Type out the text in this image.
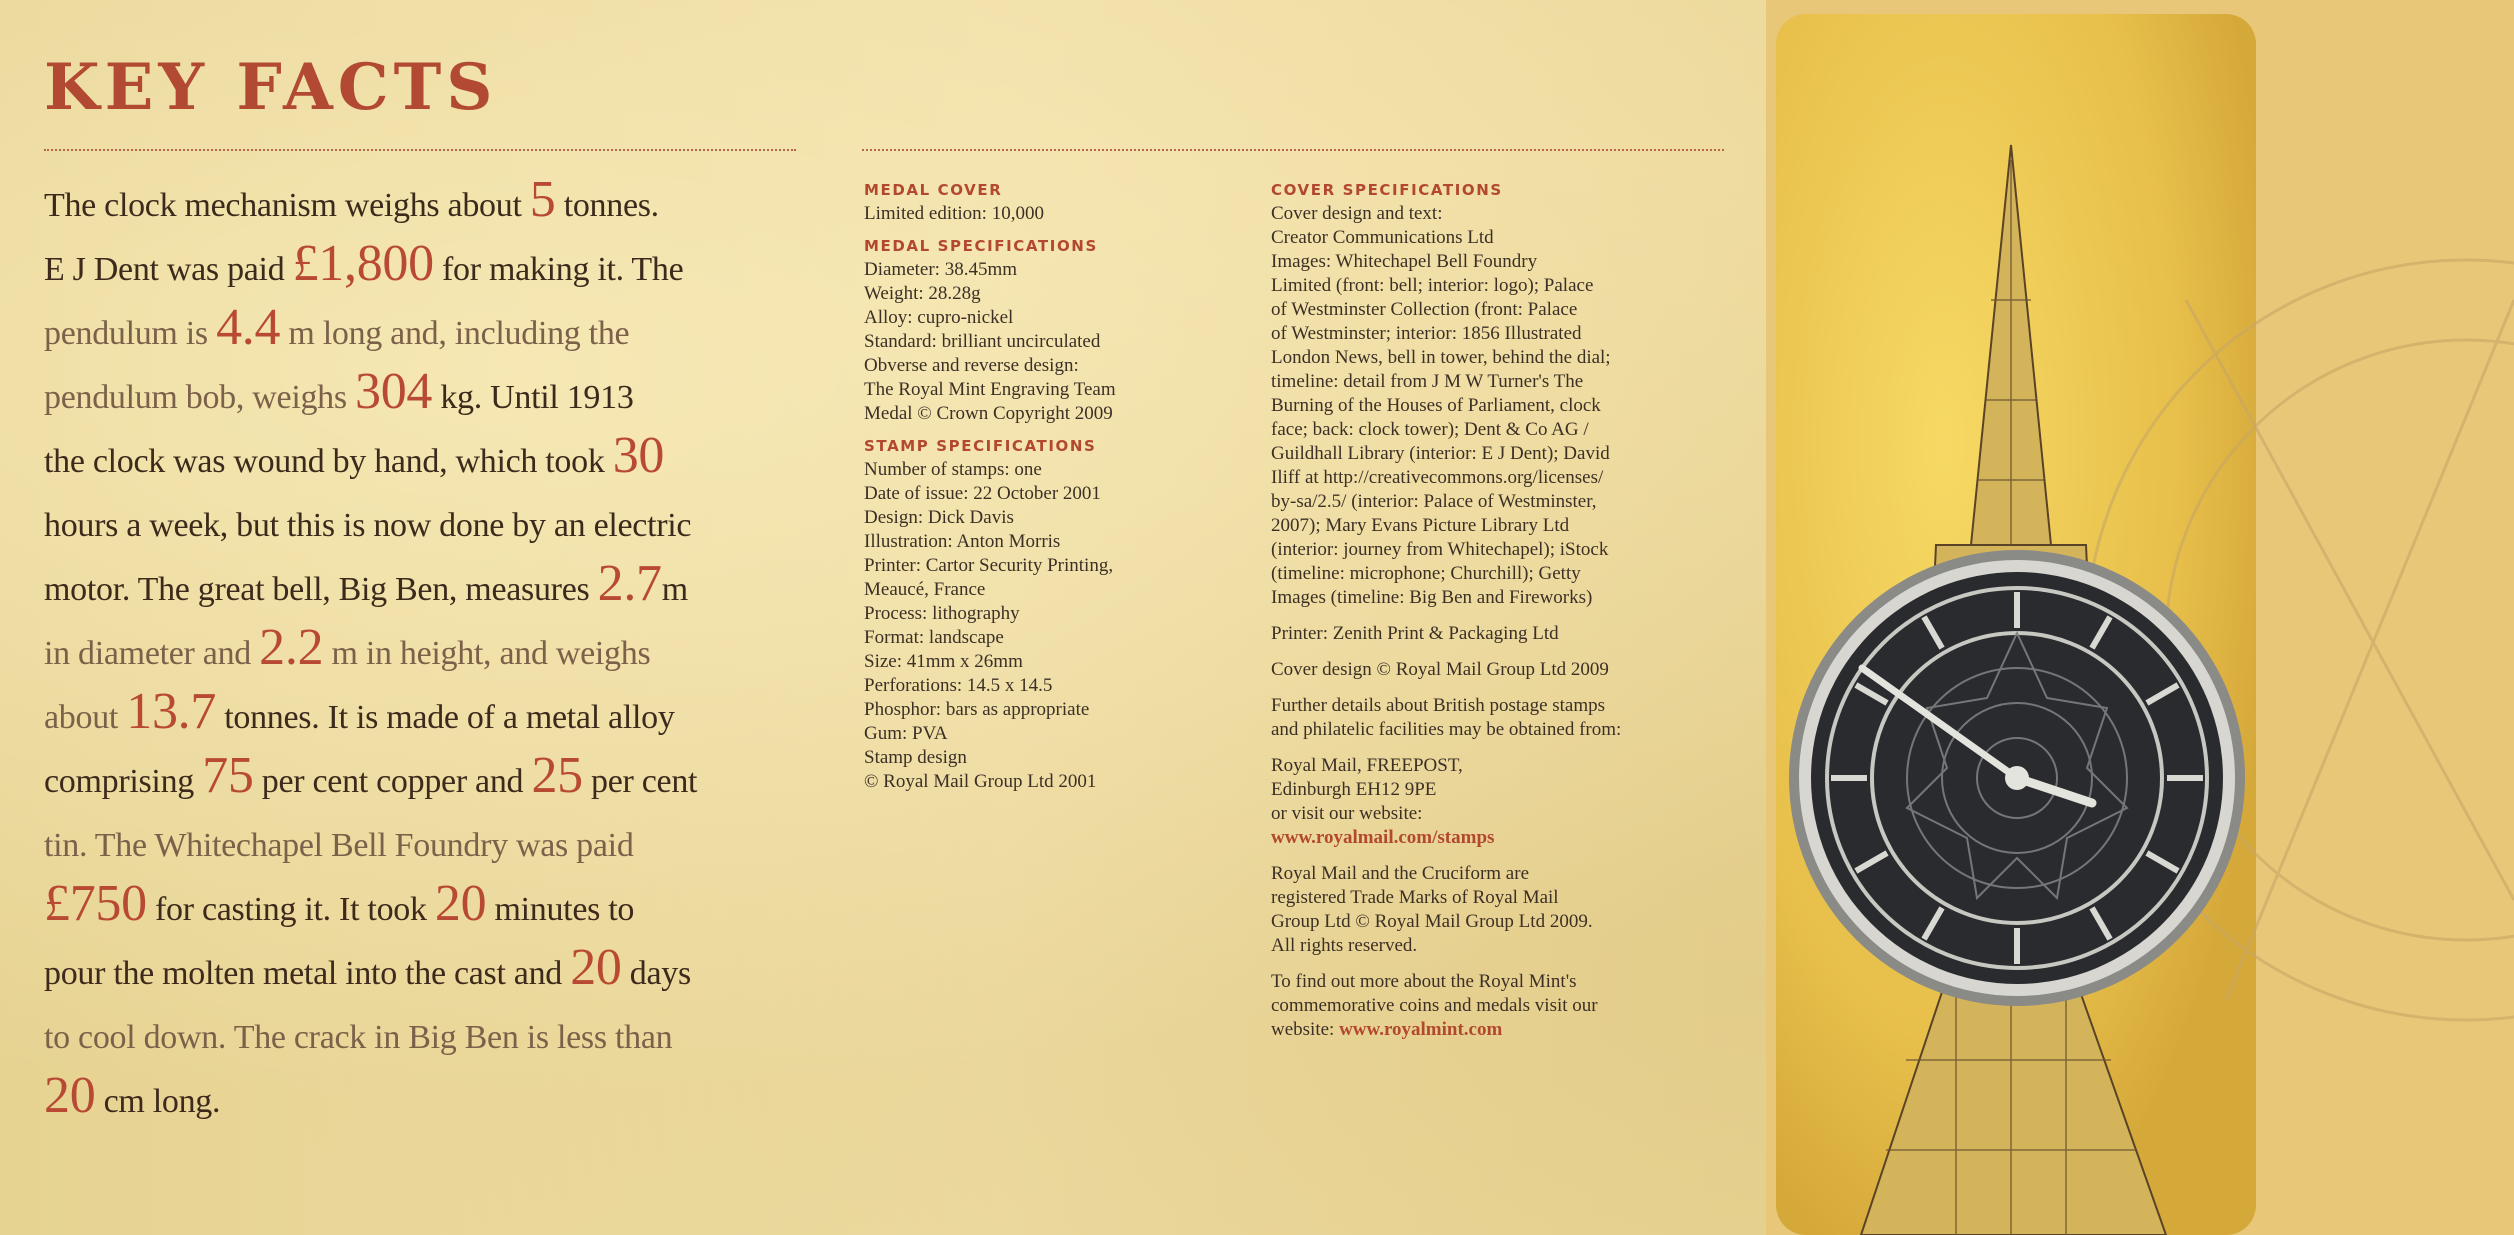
KEY FACTS
The clock mechanism weighs about 5 tonnes.
E J Dent was paid £1,800 for making it. The
pendulum is 4.4 m long and, including the
pendulum bob, weighs 304 kg. Until 1913
the clock was wound by hand, which took 30
hours a week, but this is now done by an electric
motor. The great bell, Big Ben, measures 2.7m
in diameter and 2.2 m in height, and weighs
about 13.7 tonnes. It is made of a metal alloy
comprising 75 per cent copper and 25 per cent
tin. The Whitechapel Bell Foundry was paid
£750 for casting it. It took 20 minutes to
pour the molten metal into the cast and 20 days
to cool down. The crack in Big Ben is less than
20 cm long.
MEDAL COVER
Limited edition: 10,000
MEDAL SPECIFICATIONS
Diameter: 38.45mm
Weight: 28.28g
Alloy: cupro-nickel
Standard: brilliant uncirculated
Obverse and reverse design:
The Royal Mint Engraving Team
Medal © Crown Copyright 2009
STAMP SPECIFICATIONS
Number of stamps: one
Date of issue: 22 October 2001
Design: Dick Davis
Illustration: Anton Morris
Printer: Cartor Security Printing,
Meaucé, France
Process: lithography
Format: landscape
Size: 41mm x 26mm
Perforations: 14.5 x 14.5
Phosphor: bars as appropriate
Gum: PVA
Stamp design
© Royal Mail Group Ltd 2001
COVER SPECIFICATIONS
Cover design and text:
Creator Communications Ltd
Images: Whitechapel Bell Foundry
Limited (front: bell; interior: logo); Palace
of Westminster Collection (front: Palace
of Westminster; interior: 1856 Illustrated
London News, bell in tower, behind the dial;
timeline: detail from J M W Turner's The
Burning of the Houses of Parliament, clock
face; back: clock tower); Dent & Co AG /
Guildhall Library (interior: E J Dent); David
Iliff at http://creativecommons.org/licenses/
by-sa/2.5/ (interior: Palace of Westminster,
2007); Mary Evans Picture Library Ltd
(interior: journey from Whitechapel); iStock
(timeline: microphone; Churchill); Getty
Images (timeline: Big Ben and Fireworks)
Printer: Zenith Print & Packaging Ltd
Cover design © Royal Mail Group Ltd 2009
Further details about British postage stamps
and philatelic facilities may be obtained from:
Royal Mail, FREEPOST,
Edinburgh EH12 9PE
or visit our website:
www.royalmail.com/stamps
Royal Mail and the Cruciform are
registered Trade Marks of Royal Mail
Group Ltd © Royal Mail Group Ltd 2009.
All rights reserved.
To find out more about the Royal Mint's
commemorative coins and medals visit our
website: www.royalmint.com
